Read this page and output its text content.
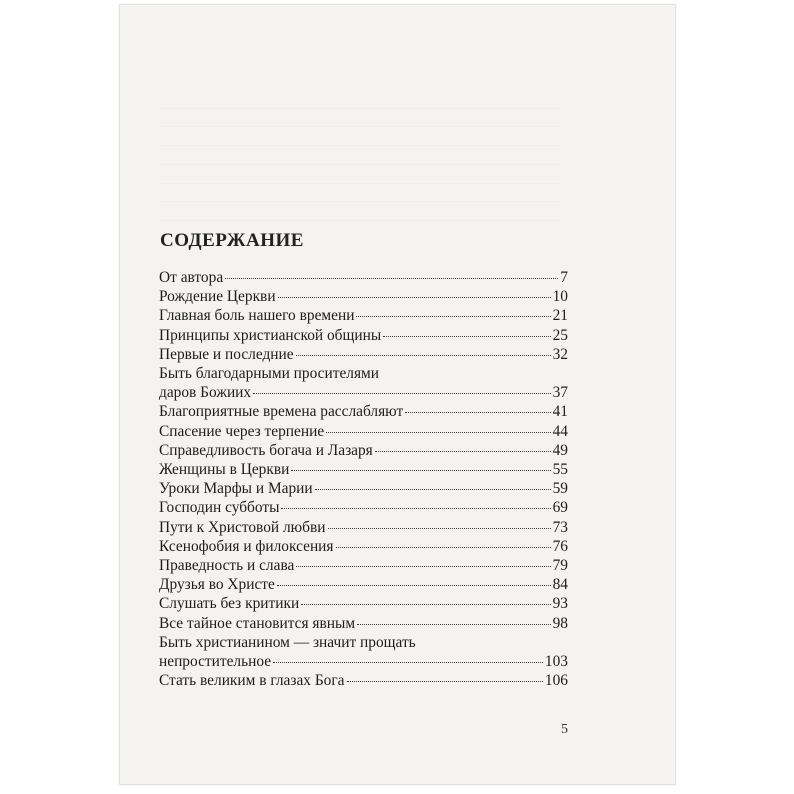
СОДЕРЖАНИЕ
От автора	7
Рождение Церкви	10
Главная боль нашего времени	21
Принципы христианской общины	25
Первые и последние	32
Быть благодарными просителями
даров Божиих	37
Благоприятные времена расслабляют	41
Спасение через терпение	44
Справедливость богача и Лазаря	49
Женщины в Церкви	55
Уроки Марфы и Марии	59
Господин субботы	69
Пути к Христовой любви	73
Ксенофобия и филоксения	76
Праведность и слава	79
Друзья во Христе	84
Слушать без критики	93
Все тайное становится явным	98
Быть христианином — значит прощать
непростительное	103
Стать великим в глазах Бога	106
5
